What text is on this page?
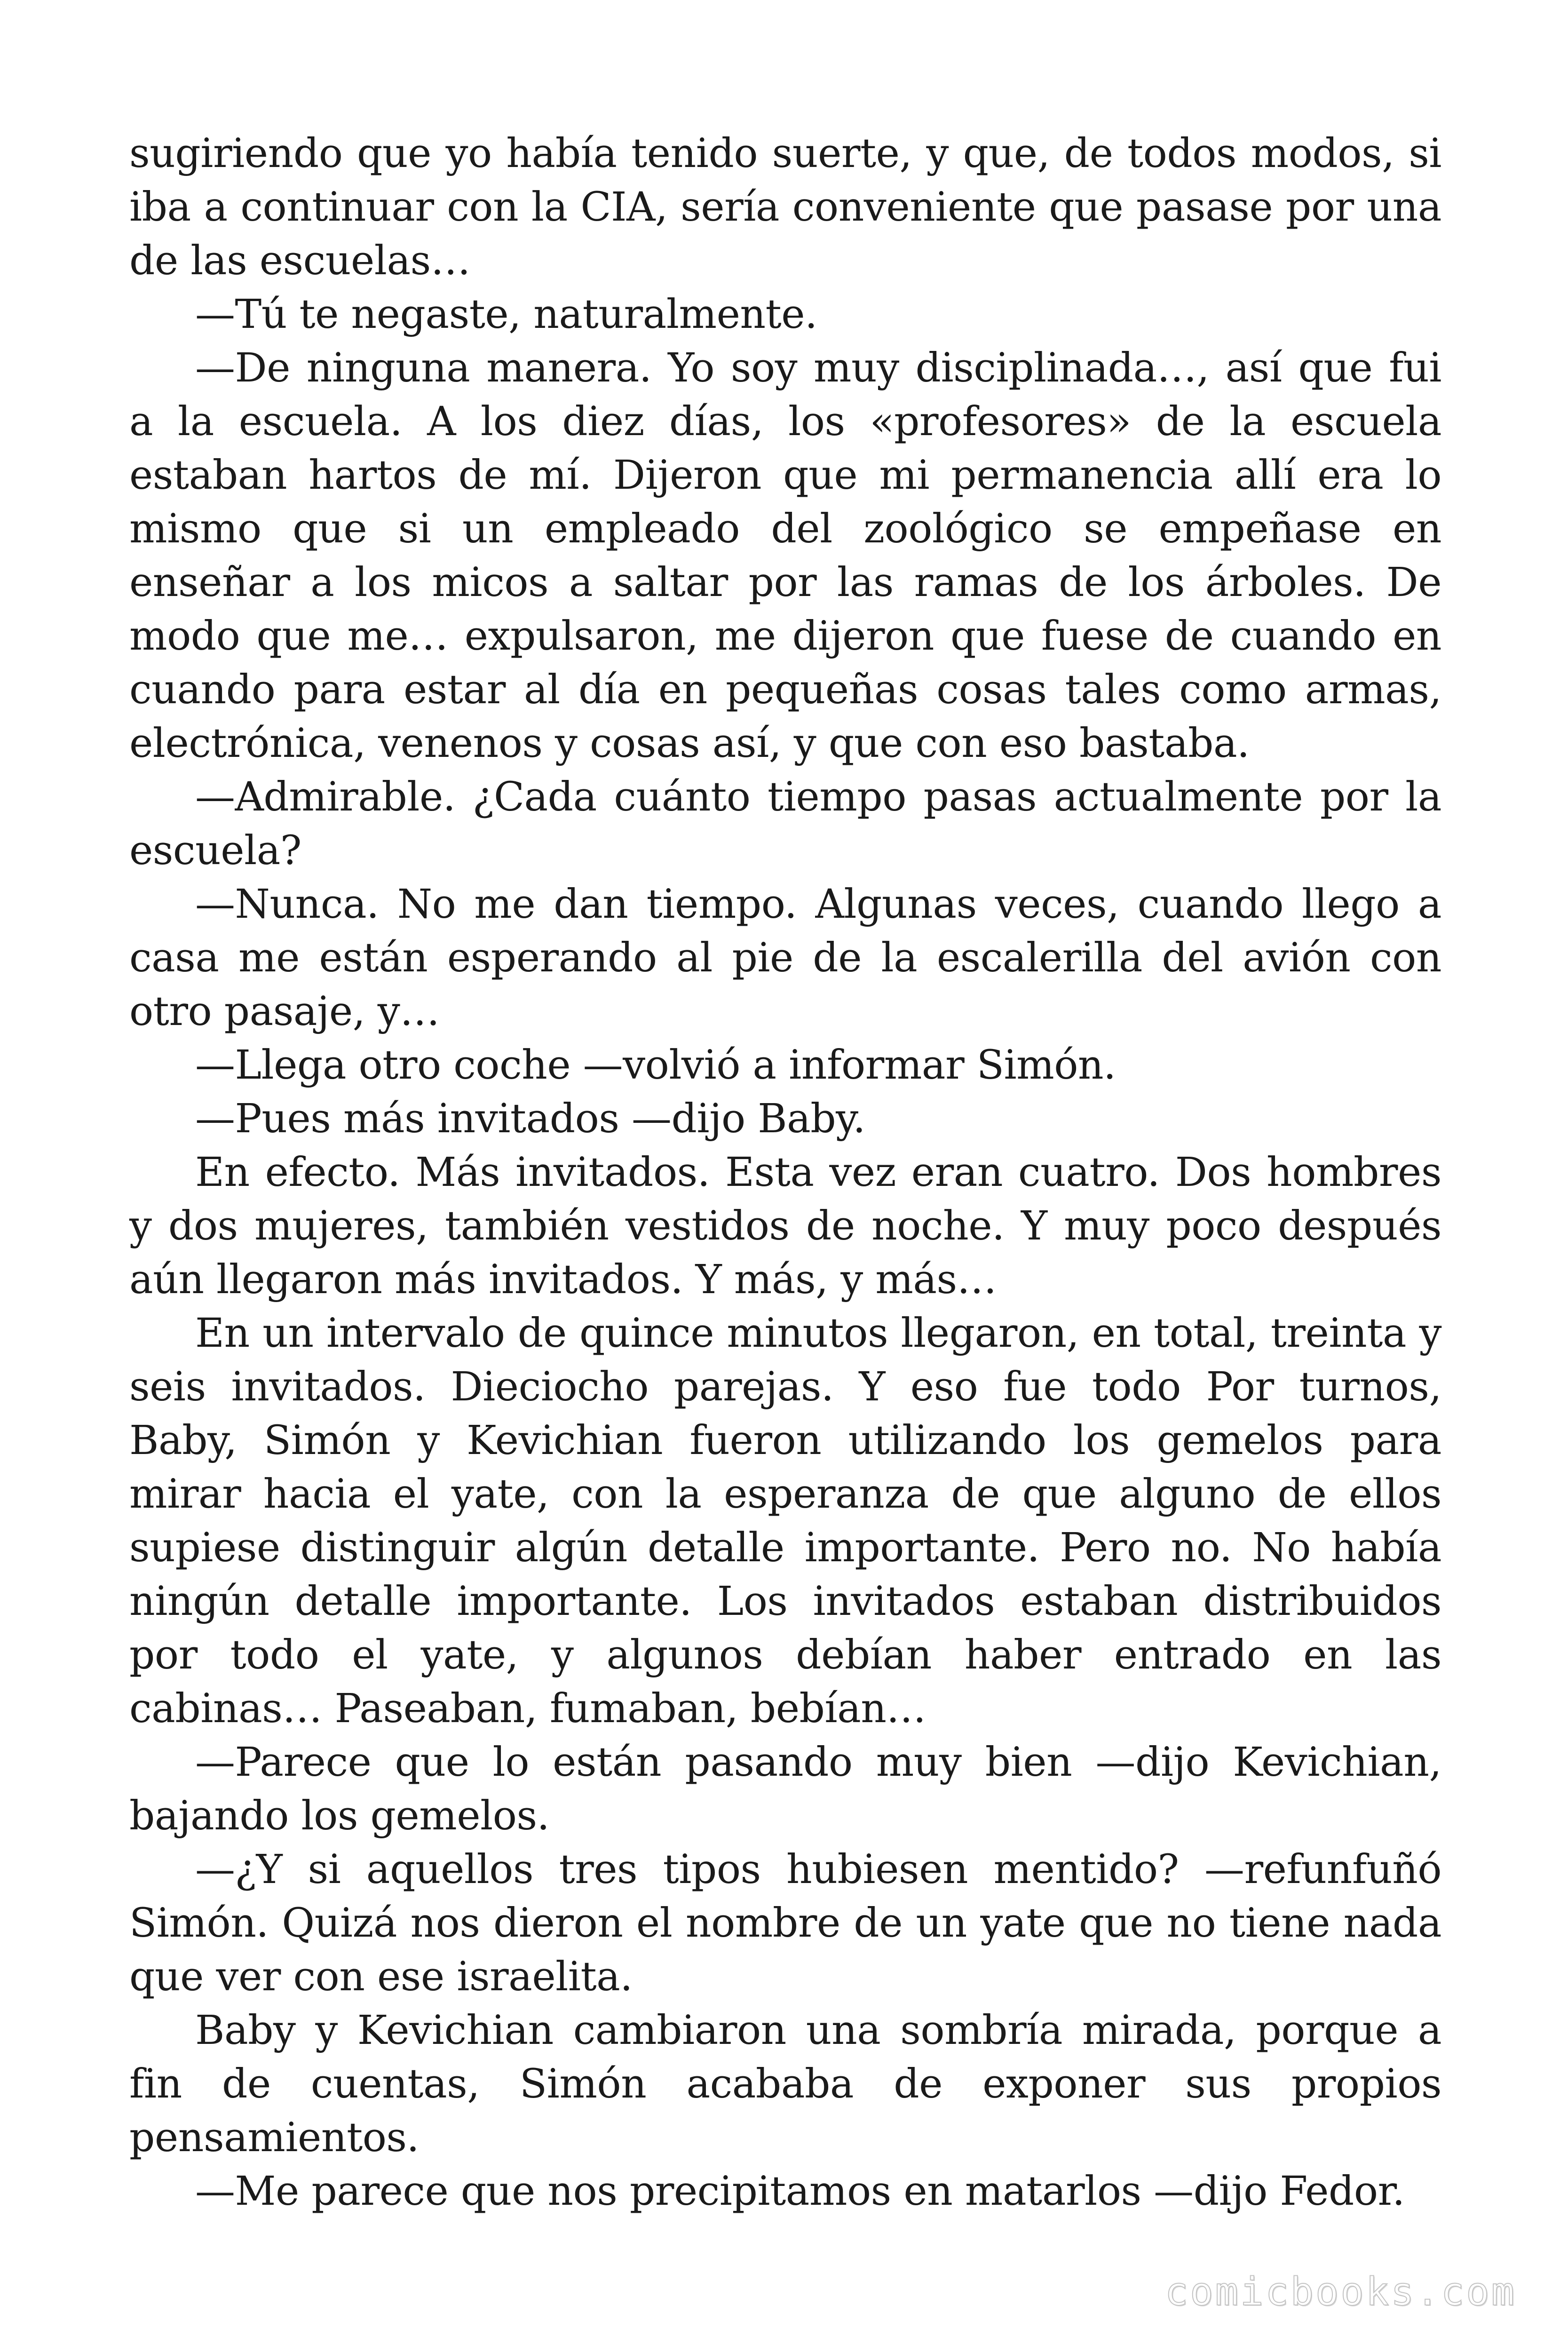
sugiriendo que yo había tenido suerte, y que, de todos modos, si iba a continuar con la CIA, sería conveniente que pasase por una de las escuelas…

—Tú te negaste, naturalmente.

—De ninguna manera. Yo soy muy disciplinada…, así que fui a la escuela. A los diez días, los «profesores» de la escuela estaban hartos de mí. Dijeron que mi permanencia allí era lo mismo que si un empleado del zoológico se empeñase en enseñar a los micos a saltar por las ramas de los árboles. De modo que me… expulsaron, me dijeron que fuese de cuando en cuando para estar al día en pequeñas cosas tales como armas, electrónica, venenos y cosas así, y que con eso bastaba.

—Admirable. ¿Cada cuánto tiempo pasas actualmente por la escuela?

—Nunca. No me dan tiempo. Algunas veces, cuando llego a casa me están esperando al pie de la escalerilla del avión con otro pasaje, y…

—Llega otro coche —volvió a informar Simón.

—Pues más invitados —dijo Baby.

En efecto. Más invitados. Esta vez eran cuatro. Dos hombres y dos mujeres, también vestidos de noche. Y muy poco después aún llegaron más invitados. Y más, y más…

En un intervalo de quince minutos llegaron, en total, treinta y seis invitados. Dieciocho parejas. Y eso fue todo Por turnos, Baby, Simón y Kevichian fueron utilizando los gemelos para mirar hacia el yate, con la esperanza de que alguno de ellos supiese distinguir algún detalle importante. Pero no. No había ningún detalle importante. Los invitados estaban distribuidos por todo el yate, y algunos debían haber entrado en las cabinas… Paseaban, fumaban, bebían…

—Parece que lo están pasando muy bien —dijo Kevichian, bajando los gemelos.

—¿Y si aquellos tres tipos hubiesen mentido? —refunfuñó Simón. Quizá nos dieron el nombre de un yate que no tiene nada que ver con ese israelita.

Baby y Kevichian cambiaron una sombría mirada, porque a fin de cuentas, Simón acababa de exponer sus propios pensamientos.

—Me parece que nos precipitamos en matarlos —dijo Fedor.

comicbooks.com
